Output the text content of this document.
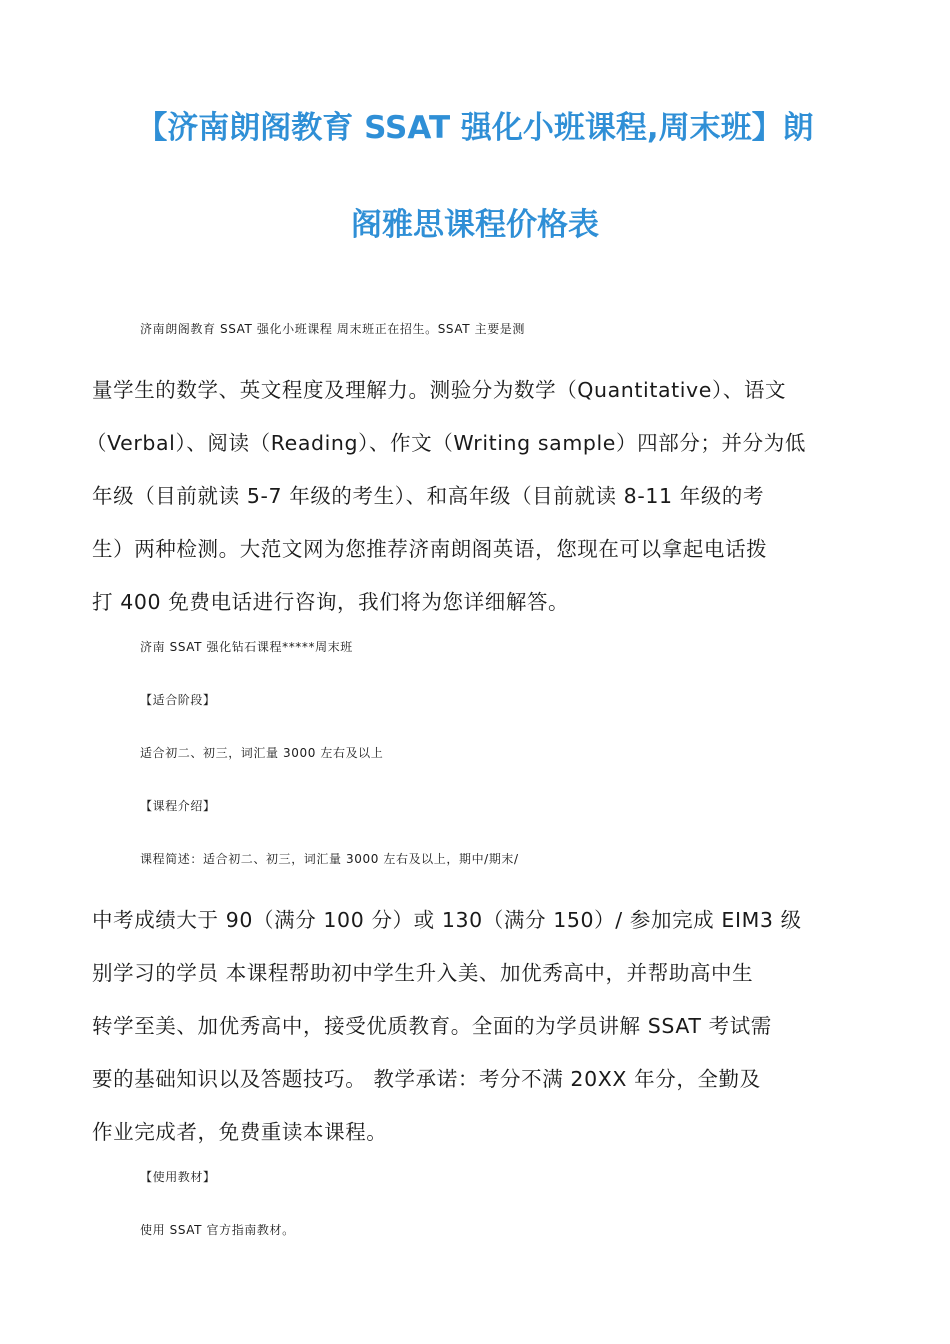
【济南朗阁教育 SSAT 强化小班课程,周末班】朗
阁雅思课程价格表

济南朗阁教育 SSAT 强化小班课程 周末班正在招生。SSAT 主要是测

量学生的数学、英文程度及理解力。测验分为数学（Quantitative）、语文

（Verbal）、阅读（Reading）、作文（Writing sample）四部分；并分为低

年级（目前就读 5-7 年级的考生）、和高年级（目前就读 8-11 年级的考

生）两种检测。大范文网为您推荐济南朗阁英语，您现在可以拿起电话拨

打 400 免费电话进行咨询，我们将为您详细解答。

济南 SSAT 强化钻石课程*****周末班

【适合阶段】

适合初二、初三，词汇量 3000 左右及以上

【课程介绍】

课程简述：适合初二、初三，词汇量 3000 左右及以上，期中/期末/

中考成绩大于 90（满分 100 分）或 130（满分 150）/ 参加完成 EIM3 级

别学习的学员 本课程帮助初中学生升入美、加优秀高中，并帮助高中生

转学至美、加优秀高中，接受优质教育。全面的为学员讲解 SSAT 考试需

要的基础知识以及答题技巧。 教学承诺：考分不满 20XX 年分，全勤及

作业完成者，免费重读本课程。

【使用教材】

使用 SSAT 官方指南教材。
